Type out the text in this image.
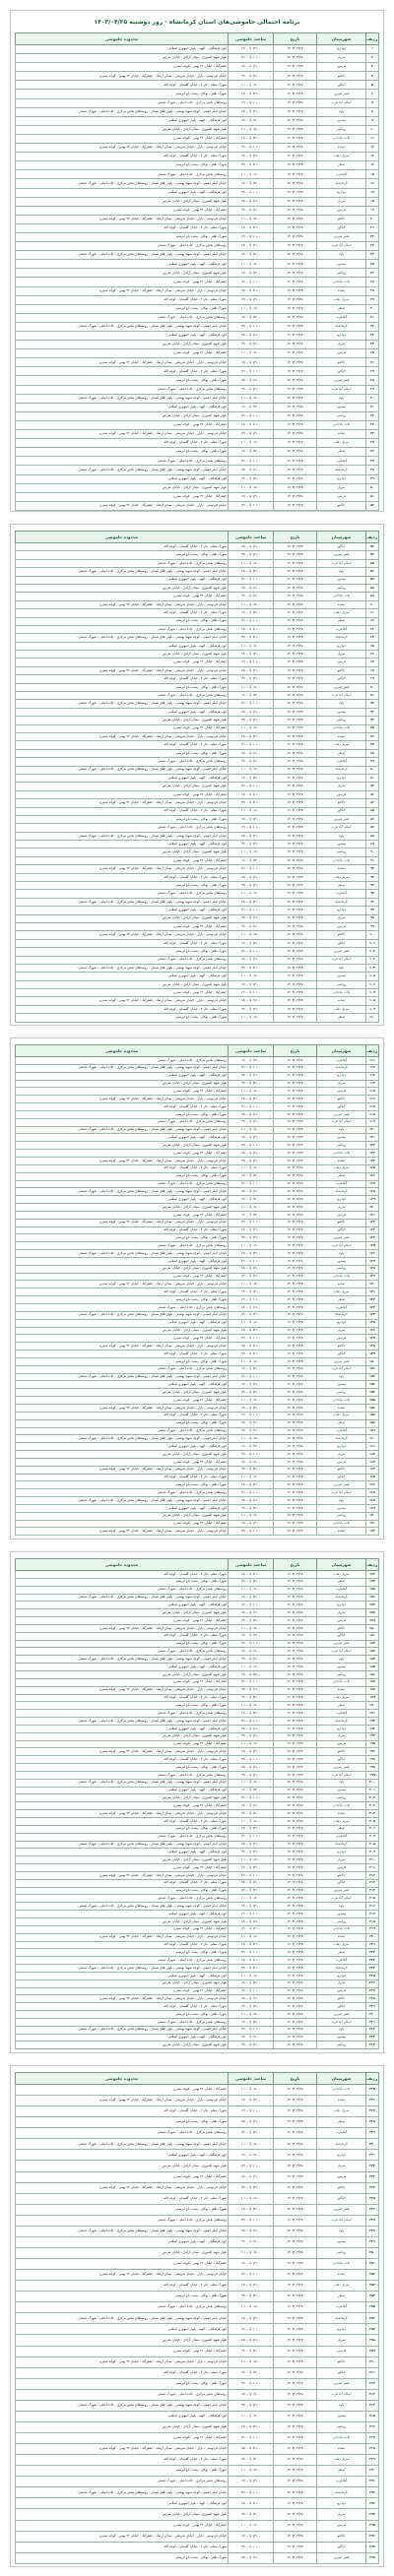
برنامه احتمالی خاموشی‌های استان کرمانشاه - روز دوشنبه ۱۴۰۳/۰۴/۲۵
ردیف	شهرستان	تاریخ	ساعت خاموشی	محدوده خاموشی
۱	جوانرود	۱۴۰۳/۰۴/۲۵	۱۴:۰۰ تا ۱۶:۰۰	کوی فرهنگیان - الهیه - بلوار جمهوری اسلامی
۲	سرپل	۱۴۰۳/۰۴/۲۵	۱۰:۰۰ تا ۱۲:۰۰	بلوار شهید کشوری - میدان آزادی - خیابان مدرس
۳	هرسین	۱۴۰۳/۰۴/۲۵	۱۶:۰۰ تا ۱۸:۰۰	جعفرآباد - خیابان ۲۲ بهمن - کوچه نسترن
۴	دالاهو	۱۴۰۳/۰۴/۲۵	۱۲:۰۰ تا ۱۴:۰۰	خیابان فردوسی - بازار - خیابان شریعتی - میدان ارشاد - جعفرآباد - خیابان ۲۲ بهمن - کوچه نسترن
۵	کنگاور	۱۴۰۳/۰۴/۲۵	۰۸:۰۰ تا ۱۰:۰۰	شهرک معلم - فاز ۲ - خیابان گلستان - کوچه لاله
۶	قصر شیرین	۱۴۰۳/۰۴/۲۵	۱۴:۰۰ تا ۱۶:۰۰	شهرک ظفر - نوکان - پشت باغ ابریشم
۷	اسلام آباد غرب	۱۴۰۳/۰۴/۲۵	۱۰:۰۰ تا ۱۲:۰۰	روستاهای بخش مرکزی - جاده اصلی - شهرک صنعتی
۸	پاوه	۱۴۰۳/۰۴/۲۵	۱۶:۰۰ تا ۱۸:۰۰	خیابان امام خمینی - کوچه شهید بهشتی - بلوار طاق بستان - روستاهای بخش مرکزی - جاده اصلی - شهرک صنعتی
۹	بیستون	۱۴۰۳/۰۴/۲۵	۱۲:۰۰ تا ۱۴:۰۰	کوی فرهنگیان - الهیه - بلوار جمهوری اسلامی
۱۰	روانسر	۱۴۰۳/۰۴/۲۵	۰۸:۰۰ تا ۱۰:۰۰	بلوار شهید کشوری - میدان آزادی - خیابان مدرس
۱۱	ثلاث باباجانی	۱۴۰۳/۰۴/۲۵	۱۴:۰۰ تا ۱۶:۰۰	جعفرآباد - خیابان ۲۲ بهمن - کوچه نسترن
۱۲	صحنه	۱۴۰۳/۰۴/۲۵	۱۰:۰۰ تا ۱۲:۰۰	خیابان فردوسی - بازار - خیابان شریعتی - میدان ارشاد - جعفرآباد - خیابان ۲۲ بهمن - کوچه نسترن
۱۳	سرپل ذهاب	۱۴۰۳/۰۴/۲۵	۱۶:۰۰ تا ۱۸:۰۰	شهرک معلم - فاز ۲ - خیابان گلستان - کوچه لاله
۱۴	سنقر	۱۴۰۳/۰۴/۲۵	۱۲:۰۰ تا ۱۴:۰۰	شهرک ظفر - نوکان - پشت باغ ابریشم
۱۵	گیلانغرب	۱۴۰۳/۰۴/۲۵	۰۸:۰۰ تا ۱۰:۰۰	روستاهای بخش مرکزی - جاده اصلی - شهرک صنعتی
۱۶	کرمانشاه	۱۴۰۳/۰۴/۲۵	۱۴:۰۰ تا ۱۶:۰۰	خیابان امام خمینی - کوچه شهید بهشتی - بلوار طاق بستان - روستاهای بخش مرکزی - جاده اصلی - شهرک صنعتی
۱۷	جوانرود	۱۴۰۳/۰۴/۲۵	۱۰:۰۰ تا ۱۲:۰۰	کوی فرهنگیان - الهیه - بلوار جمهوری اسلامی
۱۸	سرپل	۱۴۰۳/۰۴/۲۵	۱۶:۰۰ تا ۱۸:۰۰	بلوار شهید کشوری - میدان آزادی - خیابان مدرس
۱۹	هرسین	۱۴۰۳/۰۴/۲۵	۱۲:۰۰ تا ۱۴:۰۰	جعفرآباد - خیابان ۲۲ بهمن - کوچه نسترن
۲۰	دالاهو	۱۴۰۳/۰۴/۲۵	۰۸:۰۰ تا ۱۰:۰۰	خیابان فردوسی - بازار - خیابان شریعتی - میدان ارشاد - جعفرآباد - خیابان ۲۲ بهمن - کوچه نسترن
۲۱	کنگاور	۱۴۰۳/۰۴/۲۵	۱۴:۰۰ تا ۱۶:۰۰	شهرک معلم - فاز ۲ - خیابان گلستان - کوچه لاله
۲۲	قصر شیرین	۱۴۰۳/۰۴/۲۵	۱۰:۰۰ تا ۱۲:۰۰	شهرک ظفر - نوکان - پشت باغ ابریشم
۲۳	اسلام آباد غرب	۱۴۰۳/۰۴/۲۵	۱۶:۰۰ تا ۱۸:۰۰	روستاهای بخش مرکزی - جاده اصلی - شهرک صنعتی
۲۴	پاوه	۱۴۰۳/۰۴/۲۵	۱۲:۰۰ تا ۱۴:۰۰	خیابان امام خمینی - کوچه شهید بهشتی - بلوار طاق بستان - روستاهای بخش مرکزی - جاده اصلی - شهرک صنعتی
۲۵	بیستون	۱۴۰۳/۰۴/۲۵	۰۸:۰۰ تا ۱۰:۰۰	کوی فرهنگیان - الهیه - بلوار جمهوری اسلامی
۲۶	روانسر	۱۴۰۳/۰۴/۲۵	۱۴:۰۰ تا ۱۶:۰۰	بلوار شهید کشوری - میدان آزادی - خیابان مدرس
۲۷	ثلاث باباجانی	۱۴۰۳/۰۴/۲۵	۱۰:۰۰ تا ۱۲:۰۰	جعفرآباد - خیابان ۲۲ بهمن - کوچه نسترن
۲۸	صحنه	۱۴۰۳/۰۴/۲۵	۱۶:۰۰ تا ۱۸:۰۰	خیابان فردوسی - بازار - خیابان شریعتی - میدان ارشاد - جعفرآباد - خیابان ۲۲ بهمن - کوچه نسترن
۲۹	سرپل ذهاب	۱۴۰۳/۰۴/۲۵	۱۲:۰۰ تا ۱۴:۰۰	شهرک معلم - فاز ۲ - خیابان گلستان - کوچه لاله
۳۰	سنقر	۱۴۰۳/۰۴/۲۵	۰۸:۰۰ تا ۱۰:۰۰	شهرک ظفر - نوکان - پشت باغ ابریشم
۳۱	گیلانغرب	۱۴۰۳/۰۴/۲۵	۱۴:۰۰ تا ۱۶:۰۰	روستاهای بخش مرکزی - جاده اصلی - شهرک صنعتی
۳۲	کرمانشاه	۱۴۰۳/۰۴/۲۵	۱۰:۰۰ تا ۱۲:۰۰	خیابان امام خمینی - کوچه شهید بهشتی - بلوار طاق بستان - روستاهای بخش مرکزی - جاده اصلی - شهرک صنعتی
۳۳	جوانرود	۱۴۰۳/۰۴/۲۵	۱۶:۰۰ تا ۱۸:۰۰	کوی فرهنگیان - الهیه - بلوار جمهوری اسلامی
۳۴	سرپل	۱۴۰۳/۰۴/۲۵	۱۲:۰۰ تا ۱۴:۰۰	بلوار شهید کشوری - میدان آزادی - خیابان مدرس
۳۵	هرسین	۱۴۰۳/۰۴/۲۵	۰۸:۰۰ تا ۱۰:۰۰	جعفرآباد - خیابان ۲۲ بهمن - کوچه نسترن
۳۶	دالاهو	۱۴۰۳/۰۴/۲۵	۱۴:۰۰ تا ۱۶:۰۰	خیابان فردوسی - بازار - خیابان شریعتی - میدان ارشاد - جعفرآباد - خیابان ۲۲ بهمن - کوچه نسترن
۳۷	کنگاور	۱۴۰۳/۰۴/۲۵	۱۰:۰۰ تا ۱۲:۰۰	شهرک معلم - فاز ۲ - خیابان گلستان - کوچه لاله
۳۸	قصر شیرین	۱۴۰۳/۰۴/۲۵	۱۶:۰۰ تا ۱۸:۰۰	شهرک ظفر - نوکان - پشت باغ ابریشم
۳۹	اسلام آباد غرب	۱۴۰۳/۰۴/۲۵	۱۲:۰۰ تا ۱۴:۰۰	روستاهای بخش مرکزی - جاده اصلی - شهرک صنعتی
۴۰	پاوه	۱۴۰۳/۰۴/۲۵	۰۸:۰۰ تا ۱۰:۰۰	خیابان امام خمینی - کوچه شهید بهشتی - بلوار طاق بستان - روستاهای بخش مرکزی - جاده اصلی - شهرک صنعتی
۴۱	بیستون	۱۴۰۳/۰۴/۲۵	۱۴:۰۰ تا ۱۶:۰۰	کوی فرهنگیان - الهیه - بلوار جمهوری اسلامی
۴۲	روانسر	۱۴۰۳/۰۴/۲۵	۱۰:۰۰ تا ۱۲:۰۰	بلوار شهید کشوری - میدان آزادی - خیابان مدرس
۴۳	ثلاث باباجانی	۱۴۰۳/۰۴/۲۵	۱۶:۰۰ تا ۱۸:۰۰	جعفرآباد - خیابان ۲۲ بهمن - کوچه نسترن
۴۴	صحنه	۱۴۰۳/۰۴/۲۵	۱۲:۰۰ تا ۱۴:۰۰	خیابان فردوسی - بازار - خیابان شریعتی - میدان ارشاد - جعفرآباد - خیابان ۲۲ بهمن - کوچه نسترن
۴۵	سرپل ذهاب	۱۴۰۳/۰۴/۲۵	۰۸:۰۰ تا ۱۰:۰۰	شهرک معلم - فاز ۲ - خیابان گلستان - کوچه لاله
۴۶	سنقر	۱۴۰۳/۰۴/۲۵	۱۴:۰۰ تا ۱۶:۰۰	شهرک ظفر - نوکان - پشت باغ ابریشم
۴۷	گیلانغرب	۱۴۰۳/۰۴/۲۵	۱۰:۰۰ تا ۱۲:۰۰	روستاهای بخش مرکزی - جاده اصلی - شهرک صنعتی
۴۸	کرمانشاه	۱۴۰۳/۰۴/۲۵	۱۶:۰۰ تا ۱۸:۰۰	خیابان امام خمینی - کوچه شهید بهشتی - بلوار طاق بستان - روستاهای بخش مرکزی - جاده اصلی - شهرک صنعتی
۴۹	جوانرود	۱۴۰۳/۰۴/۲۵	۱۲:۰۰ تا ۱۴:۰۰	کوی فرهنگیان - الهیه - بلوار جمهوری اسلامی
۵۰	سرپل	۱۴۰۳/۰۴/۲۵	۰۸:۰۰ تا ۱۰:۰۰	بلوار شهید کشوری - میدان آزادی - خیابان مدرس
۵۱	هرسین	۱۴۰۳/۰۴/۲۵	۱۴:۰۰ تا ۱۶:۰۰	جعفرآباد - خیابان ۲۲ بهمن - کوچه نسترن
۵۲	دالاهو	۱۴۰۳/۰۴/۲۵	۱۰:۰۰ تا ۱۲:۰۰	خیابان فردوسی - بازار - خیابان شریعتی - میدان ارشاد - جعفرآباد - خیابان ۲۲ بهمن - کوچه نسترن
ردیف	شهرستان	تاریخ	ساعت خاموشی	محدوده خاموشی
۵۳	کنگاور	۱۴۰۳/۰۴/۲۵	۱۶:۰۰ تا ۱۸:۰۰	شهرک معلم - فاز ۲ - خیابان گلستان - کوچه لاله
۵۴	قصر شیرین	۱۴۰۳/۰۴/۲۵	۱۲:۰۰ تا ۱۴:۰۰	شهرک ظفر - نوکان - پشت باغ ابریشم
۵۵	اسلام آباد غرب	۱۴۰۳/۰۴/۲۵	۰۸:۰۰ تا ۱۰:۰۰	روستاهای بخش مرکزی - جاده اصلی - شهرک صنعتی
۵۶	پاوه	۱۴۰۳/۰۴/۲۵	۱۴:۰۰ تا ۱۶:۰۰	خیابان امام خمینی - کوچه شهید بهشتی - بلوار طاق بستان - روستاهای بخش مرکزی - جاده اصلی - شهرک صنعتی
۵۷	بیستون	۱۴۰۳/۰۴/۲۵	۱۰:۰۰ تا ۱۲:۰۰	کوی فرهنگیان - الهیه - بلوار جمهوری اسلامی
۵۸	روانسر	۱۴۰۳/۰۴/۲۵	۱۶:۰۰ تا ۱۸:۰۰	بلوار شهید کشوری - میدان آزادی - خیابان مدرس
۵۹	ثلاث باباجانی	۱۴۰۳/۰۴/۲۵	۱۲:۰۰ تا ۱۴:۰۰	جعفرآباد - خیابان ۲۲ بهمن - کوچه نسترن
۶۰	صحنه	۱۴۰۳/۰۴/۲۵	۰۸:۰۰ تا ۱۰:۰۰	خیابان فردوسی - بازار - خیابان شریعتی - میدان ارشاد - جعفرآباد - خیابان ۲۲ بهمن - کوچه نسترن
۶۱	سرپل ذهاب	۱۴۰۳/۰۴/۲۵	۱۴:۰۰ تا ۱۶:۰۰	شهرک معلم - فاز ۲ - خیابان گلستان - کوچه لاله
۶۲	سنقر	۱۴۰۳/۰۴/۲۵	۱۰:۰۰ تا ۱۲:۰۰	شهرک ظفر - نوکان - پشت باغ ابریشم
۶۳	گیلانغرب	۱۴۰۳/۰۴/۲۵	۱۶:۰۰ تا ۱۸:۰۰	روستاهای بخش مرکزی - جاده اصلی - شهرک صنعتی
۶۴	کرمانشاه	۱۴۰۳/۰۴/۲۵	۱۲:۰۰ تا ۱۴:۰۰	خیابان امام خمینی - کوچه شهید بهشتی - بلوار طاق بستان - روستاهای بخش مرکزی - جاده اصلی - شهرک صنعتی
۶۵	جوانرود	۱۴۰۳/۰۴/۲۵	۰۸:۰۰ تا ۱۰:۰۰	کوی فرهنگیان - الهیه - بلوار جمهوری اسلامی
۶۶	سرپل	۱۴۰۳/۰۴/۲۵	۱۴:۰۰ تا ۱۶:۰۰	بلوار شهید کشوری - میدان آزادی - خیابان مدرس
۶۷	هرسین	۱۴۰۳/۰۴/۲۵	۱۰:۰۰ تا ۱۲:۰۰	جعفرآباد - خیابان ۲۲ بهمن - کوچه نسترن
۶۸	دالاهو	۱۴۰۳/۰۴/۲۵	۱۶:۰۰ تا ۱۸:۰۰	خیابان فردوسی - بازار - خیابان شریعتی - میدان ارشاد - جعفرآباد - خیابان ۲۲ بهمن - کوچه نسترن
۶۹	کنگاور	۱۴۰۳/۰۴/۲۵	۱۲:۰۰ تا ۱۴:۰۰	شهرک معلم - فاز ۲ - خیابان گلستان - کوچه لاله
۷۰	قصر شیرین	۱۴۰۳/۰۴/۲۵	۰۸:۰۰ تا ۱۰:۰۰	شهرک ظفر - نوکان - پشت باغ ابریشم
۷۱	اسلام آباد غرب	۱۴۰۳/۰۴/۲۵	۱۴:۰۰ تا ۱۶:۰۰	روستاهای بخش مرکزی - جاده اصلی - شهرک صنعتی
۷۲	پاوه	۱۴۰۳/۰۴/۲۵	۱۰:۰۰ تا ۱۲:۰۰	خیابان امام خمینی - کوچه شهید بهشتی - بلوار طاق بستان - روستاهای بخش مرکزی - جاده اصلی - شهرک صنعتی
۷۳	بیستون	۱۴۰۳/۰۴/۲۵	۱۶:۰۰ تا ۱۸:۰۰	کوی فرهنگیان - الهیه - بلوار جمهوری اسلامی
۷۴	روانسر	۱۴۰۳/۰۴/۲۵	۱۲:۰۰ تا ۱۴:۰۰	بلوار شهید کشوری - میدان آزادی - خیابان مدرس
۷۵	ثلاث باباجانی	۱۴۰۳/۰۴/۲۵	۰۸:۰۰ تا ۱۰:۰۰	جعفرآباد - خیابان ۲۲ بهمن - کوچه نسترن
۷۶	صحنه	۱۴۰۳/۰۴/۲۵	۱۴:۰۰ تا ۱۶:۰۰	خیابان فردوسی - بازار - خیابان شریعتی - میدان ارشاد - جعفرآباد - خیابان ۲۲ بهمن - کوچه نسترن
۷۷	سرپل ذهاب	۱۴۰۳/۰۴/۲۵	۱۰:۰۰ تا ۱۲:۰۰	شهرک معلم - فاز ۲ - خیابان گلستان - کوچه لاله
۷۸	سنقر	۱۴۰۳/۰۴/۲۵	۱۶:۰۰ تا ۱۸:۰۰	شهرک ظفر - نوکان - پشت باغ ابریشم
۷۹	گیلانغرب	۱۴۰۳/۰۴/۲۵	۱۲:۰۰ تا ۱۴:۰۰	روستاهای بخش مرکزی - جاده اصلی - شهرک صنعتی
۸۰	کرمانشاه	۱۴۰۳/۰۴/۲۵	۰۸:۰۰ تا ۱۰:۰۰	خیابان امام خمینی - کوچه شهید بهشتی - بلوار طاق بستان - روستاهای بخش مرکزی - جاده اصلی - شهرک صنعتی
۸۱	جوانرود	۱۴۰۳/۰۴/۲۵	۱۴:۰۰ تا ۱۶:۰۰	کوی فرهنگیان - الهیه - بلوار جمهوری اسلامی
۸۲	سرپل	۱۴۰۳/۰۴/۲۵	۱۰:۰۰ تا ۱۲:۰۰	بلوار شهید کشوری - میدان آزادی - خیابان مدرس
۸۳	هرسین	۱۴۰۳/۰۴/۲۵	۱۶:۰۰ تا ۱۸:۰۰	جعفرآباد - خیابان ۲۲ بهمن - کوچه نسترن
۸۴	دالاهو	۱۴۰۳/۰۴/۲۵	۱۲:۰۰ تا ۱۴:۰۰	خیابان فردوسی - بازار - خیابان شریعتی - میدان ارشاد - جعفرآباد - خیابان ۲۲ بهمن - کوچه نسترن
۸۵	کنگاور	۱۴۰۳/۰۴/۲۵	۰۸:۰۰ تا ۱۰:۰۰	شهرک معلم - فاز ۲ - خیابان گلستان - کوچه لاله
۸۶	قصر شیرین	۱۴۰۳/۰۴/۲۵	۱۴:۰۰ تا ۱۶:۰۰	شهرک ظفر - نوکان - پشت باغ ابریشم
۸۷	اسلام آباد غرب	۱۴۰۳/۰۴/۲۵	۱۰:۰۰ تا ۱۲:۰۰	روستاهای بخش مرکزی - جاده اصلی - شهرک صنعتی
۸۸	پاوه	۱۴۰۳/۰۴/۲۵	۱۶:۰۰ تا ۱۸:۰۰	خیابان امام خمینی - کوچه شهید بهشتی - بلوار طاق بستان - روستاهای بخش مرکزی - جاده اصلی - شهرک صنعتی
۸۹	بیستون	۱۴۰۳/۰۴/۲۵	۱۲:۰۰ تا ۱۴:۰۰	کوی فرهنگیان - الهیه - بلوار جمهوری اسلامی
۹۰	روانسر	۱۴۰۳/۰۴/۲۵	۰۸:۰۰ تا ۱۰:۰۰	بلوار شهید کشوری - میدان آزادی - خیابان مدرس
۹۱	ثلاث باباجانی	۱۴۰۳/۰۴/۲۵	۱۴:۰۰ تا ۱۶:۰۰	جعفرآباد - خیابان ۲۲ بهمن - کوچه نسترن
۹۲	صحنه	۱۴۰۳/۰۴/۲۵	۱۰:۰۰ تا ۱۲:۰۰	خیابان فردوسی - بازار - خیابان شریعتی - میدان ارشاد - جعفرآباد - خیابان ۲۲ بهمن - کوچه نسترن
۹۳	سرپل ذهاب	۱۴۰۳/۰۴/۲۵	۱۶:۰۰ تا ۱۸:۰۰	شهرک معلم - فاز ۲ - خیابان گلستان - کوچه لاله
۹۴	سنقر	۱۴۰۳/۰۴/۲۵	۱۲:۰۰ تا ۱۴:۰۰	شهرک ظفر - نوکان - پشت باغ ابریشم
۹۵	گیلانغرب	۱۴۰۳/۰۴/۲۵	۰۸:۰۰ تا ۱۰:۰۰	روستاهای بخش مرکزی - جاده اصلی - شهرک صنعتی
۹۶	کرمانشاه	۱۴۰۳/۰۴/۲۵	۱۴:۰۰ تا ۱۶:۰۰	خیابان امام خمینی - کوچه شهید بهشتی - بلوار طاق بستان - روستاهای بخش مرکزی - جاده اصلی - شهرک صنعتی
۹۷	جوانرود	۱۴۰۳/۰۴/۲۵	۱۰:۰۰ تا ۱۲:۰۰	کوی فرهنگیان - الهیه - بلوار جمهوری اسلامی
۹۸	سرپل	۱۴۰۳/۰۴/۲۵	۱۶:۰۰ تا ۱۸:۰۰	بلوار شهید کشوری - میدان آزادی - خیابان مدرس
۹۹	هرسین	۱۴۰۳/۰۴/۲۵	۱۲:۰۰ تا ۱۴:۰۰	جعفرآباد - خیابان ۲۲ بهمن - کوچه نسترن
۱۰۰	دالاهو	۱۴۰۳/۰۴/۲۵	۰۸:۰۰ تا ۱۰:۰۰	خیابان فردوسی - بازار - خیابان شریعتی - میدان ارشاد - جعفرآباد - خیابان ۲۲ بهمن - کوچه نسترن
۱۰۱	کنگاور	۱۴۰۳/۰۴/۲۵	۱۴:۰۰ تا ۱۶:۰۰	شهرک معلم - فاز ۲ - خیابان گلستان - کوچه لاله
۱۰۲	قصر شیرین	۱۴۰۳/۰۴/۲۵	۱۰:۰۰ تا ۱۲:۰۰	شهرک ظفر - نوکان - پشت باغ ابریشم
۱۰۳	اسلام آباد غرب	۱۴۰۳/۰۴/۲۵	۱۶:۰۰ تا ۱۸:۰۰	روستاهای بخش مرکزی - جاده اصلی - شهرک صنعتی
۱۰۴	پاوه	۱۴۰۳/۰۴/۲۵	۱۲:۰۰ تا ۱۴:۰۰	خیابان امام خمینی - کوچه شهید بهشتی - بلوار طاق بستان - روستاهای بخش مرکزی - جاده اصلی - شهرک صنعتی
۱۰۵	بیستون	۱۴۰۳/۰۴/۲۵	۰۸:۰۰ تا ۱۰:۰۰	کوی فرهنگیان - الهیه - بلوار جمهوری اسلامی
۱۰۶	روانسر	۱۴۰۳/۰۴/۲۵	۱۴:۰۰ تا ۱۶:۰۰	بلوار شهید کشوری - میدان آزادی - خیابان مدرس
۱۰۷	ثلاث باباجانی	۱۴۰۳/۰۴/۲۵	۱۰:۰۰ تا ۱۲:۰۰	جعفرآباد - خیابان ۲۲ بهمن - کوچه نسترن
۱۰۸	صحنه	۱۴۰۳/۰۴/۲۵	۱۶:۰۰ تا ۱۸:۰۰	خیابان فردوسی - بازار - خیابان شریعتی - میدان ارشاد - جعفرآباد - خیابان ۲۲ بهمن - کوچه نسترن
۱۰۹	سرپل ذهاب	۱۴۰۳/۰۴/۲۵	۱۲:۰۰ تا ۱۴:۰۰	شهرک معلم - فاز ۲ - خیابان گلستان - کوچه لاله
۱۱۰	سنقر	۱۴۰۳/۰۴/۲۵	۰۸:۰۰ تا ۱۰:۰۰	شهرک ظفر - نوکان - پشت باغ ابریشم
ردیف	شهرستان	تاریخ	ساعت خاموشی	محدوده خاموشی
۱۱۱	گیلانغرب	۱۴۰۳/۰۴/۲۵	۱۴:۰۰ تا ۱۶:۰۰	روستاهای بخش مرکزی - جاده اصلی - شهرک صنعتی
۱۱۲	کرمانشاه	۱۴۰۳/۰۴/۲۵	۱۰:۰۰ تا ۱۲:۰۰	خیابان امام خمینی - کوچه شهید بهشتی - بلوار طاق بستان - روستاهای بخش مرکزی - جاده اصلی - شهرک صنعتی
۱۱۳	جوانرود	۱۴۰۳/۰۴/۲۵	۱۶:۰۰ تا ۱۸:۰۰	کوی فرهنگیان - الهیه - بلوار جمهوری اسلامی
۱۱۴	سرپل	۱۴۰۳/۰۴/۲۵	۱۲:۰۰ تا ۱۴:۰۰	بلوار شهید کشوری - میدان آزادی - خیابان مدرس
۱۱۵	هرسین	۱۴۰۳/۰۴/۲۵	۰۸:۰۰ تا ۱۰:۰۰	جعفرآباد - خیابان ۲۲ بهمن - کوچه نسترن
۱۱۶	دالاهو	۱۴۰۳/۰۴/۲۵	۱۴:۰۰ تا ۱۶:۰۰	خیابان فردوسی - بازار - خیابان شریعتی - میدان ارشاد - جعفرآباد - خیابان ۲۲ بهمن - کوچه نسترن
۱۱۷	کنگاور	۱۴۰۳/۰۴/۲۵	۱۰:۰۰ تا ۱۲:۰۰	شهرک معلم - فاز ۲ - خیابان گلستان - کوچه لاله
۱۱۸	قصر شیرین	۱۴۰۳/۰۴/۲۵	۱۶:۰۰ تا ۱۸:۰۰	شهرک ظفر - نوکان - پشت باغ ابریشم
۱۱۹	اسلام آباد غرب	۱۴۰۳/۰۴/۲۵	۱۲:۰۰ تا ۱۴:۰۰	روستاهای بخش مرکزی - جاده اصلی - شهرک صنعتی
۱۲۰	پاوه	۱۴۰۳/۰۴/۲۵	۰۸:۰۰ تا ۱۰:۰۰	خیابان امام خمینی - کوچه شهید بهشتی - بلوار طاق بستان - روستاهای بخش مرکزی - جاده اصلی - شهرک صنعتی
۱۲۱	بیستون	۱۴۰۳/۰۴/۲۵	۱۴:۰۰ تا ۱۶:۰۰	کوی فرهنگیان - الهیه - بلوار جمهوری اسلامی
۱۲۲	روانسر	۱۴۰۳/۰۴/۲۵	۱۰:۰۰ تا ۱۲:۰۰	بلوار شهید کشوری - میدان آزادی - خیابان مدرس
۱۲۳	ثلاث باباجانی	۱۴۰۳/۰۴/۲۵	۱۶:۰۰ تا ۱۸:۰۰	جعفرآباد - خیابان ۲۲ بهمن - کوچه نسترن
۱۲۴	صحنه	۱۴۰۳/۰۴/۲۵	۱۲:۰۰ تا ۱۴:۰۰	خیابان فردوسی - بازار - خیابان شریعتی - میدان ارشاد - جعفرآباد - خیابان ۲۲ بهمن - کوچه نسترن
۱۲۵	سرپل ذهاب	۱۴۰۳/۰۴/۲۵	۰۸:۰۰ تا ۱۰:۰۰	شهرک معلم - فاز ۲ - خیابان گلستان - کوچه لاله
۱۲۶	سنقر	۱۴۰۳/۰۴/۲۵	۱۴:۰۰ تا ۱۶:۰۰	شهرک ظفر - نوکان - پشت باغ ابریشم
۱۲۷	گیلانغرب	۱۴۰۳/۰۴/۲۵	۱۰:۰۰ تا ۱۲:۰۰	روستاهای بخش مرکزی - جاده اصلی - شهرک صنعتی
۱۲۸	کرمانشاه	۱۴۰۳/۰۴/۲۵	۱۶:۰۰ تا ۱۸:۰۰	خیابان امام خمینی - کوچه شهید بهشتی - بلوار طاق بستان - روستاهای بخش مرکزی - جاده اصلی - شهرک صنعتی
۱۲۹	جوانرود	۱۴۰۳/۰۴/۲۵	۱۲:۰۰ تا ۱۴:۰۰	کوی فرهنگیان - الهیه - بلوار جمهوری اسلامی
۱۳۰	سرپل	۱۴۰۳/۰۴/۲۵	۰۸:۰۰ تا ۱۰:۰۰	بلوار شهید کشوری - میدان آزادی - خیابان مدرس
۱۳۱	هرسین	۱۴۰۳/۰۴/۲۵	۱۴:۰۰ تا ۱۶:۰۰	جعفرآباد - خیابان ۲۲ بهمن - کوچه نسترن
۱۳۲	دالاهو	۱۴۰۳/۰۴/۲۵	۱۰:۰۰ تا ۱۲:۰۰	خیابان فردوسی - بازار - خیابان شریعتی - میدان ارشاد - جعفرآباد - خیابان ۲۲ بهمن - کوچه نسترن
۱۳۳	کنگاور	۱۴۰۳/۰۴/۲۵	۱۶:۰۰ تا ۱۸:۰۰	شهرک معلم - فاز ۲ - خیابان گلستان - کوچه لاله
۱۳۴	قصر شیرین	۱۴۰۳/۰۴/۲۵	۱۲:۰۰ تا ۱۴:۰۰	شهرک ظفر - نوکان - پشت باغ ابریشم
۱۳۵	اسلام آباد غرب	۱۴۰۳/۰۴/۲۵	۰۸:۰۰ تا ۱۰:۰۰	روستاهای بخش مرکزی - جاده اصلی - شهرک صنعتی
۱۳۶	پاوه	۱۴۰۳/۰۴/۲۵	۱۴:۰۰ تا ۱۶:۰۰	خیابان امام خمینی - کوچه شهید بهشتی - بلوار طاق بستان - روستاهای بخش مرکزی - جاده اصلی - شهرک صنعتی
۱۳۷	بیستون	۱۴۰۳/۰۴/۲۵	۱۰:۰۰ تا ۱۲:۰۰	کوی فرهنگیان - الهیه - بلوار جمهوری اسلامی
۱۳۸	روانسر	۱۴۰۳/۰۴/۲۵	۱۶:۰۰ تا ۱۸:۰۰	بلوار شهید کشوری - میدان آزادی - خیابان مدرس
۱۳۹	ثلاث باباجانی	۱۴۰۳/۰۴/۲۵	۱۲:۰۰ تا ۱۴:۰۰	جعفرآباد - خیابان ۲۲ بهمن - کوچه نسترن
۱۴۰	صحنه	۱۴۰۳/۰۴/۲۵	۰۸:۰۰ تا ۱۰:۰۰	خیابان فردوسی - بازار - خیابان شریعتی - میدان ارشاد - جعفرآباد - خیابان ۲۲ بهمن - کوچه نسترن
۱۴۱	سرپل ذهاب	۱۴۰۳/۰۴/۲۵	۱۴:۰۰ تا ۱۶:۰۰	شهرک معلم - فاز ۲ - خیابان گلستان - کوچه لاله
۱۴۲	سنقر	۱۴۰۳/۰۴/۲۵	۱۰:۰۰ تا ۱۲:۰۰	شهرک ظفر - نوکان - پشت باغ ابریشم
۱۴۳	گیلانغرب	۱۴۰۳/۰۴/۲۵	۱۶:۰۰ تا ۱۸:۰۰	روستاهای بخش مرکزی - جاده اصلی - شهرک صنعتی
۱۴۴	کرمانشاه	۱۴۰۳/۰۴/۲۵	۱۲:۰۰ تا ۱۴:۰۰	خیابان امام خمینی - کوچه شهید بهشتی - بلوار طاق بستان - روستاهای بخش مرکزی - جاده اصلی - شهرک صنعتی
۱۴۵	جوانرود	۱۴۰۳/۰۴/۲۵	۰۸:۰۰ تا ۱۰:۰۰	کوی فرهنگیان - الهیه - بلوار جمهوری اسلامی
۱۴۶	سرپل	۱۴۰۳/۰۴/۲۵	۱۴:۰۰ تا ۱۶:۰۰	بلوار شهید کشوری - میدان آزادی - خیابان مدرس
۱۴۷	هرسین	۱۴۰۳/۰۴/۲۵	۱۰:۰۰ تا ۱۲:۰۰	جعفرآباد - خیابان ۲۲ بهمن - کوچه نسترن
۱۴۸	دالاهو	۱۴۰۳/۰۴/۲۵	۱۶:۰۰ تا ۱۸:۰۰	خیابان فردوسی - بازار - خیابان شریعتی - میدان ارشاد - جعفرآباد - خیابان ۲۲ بهمن - کوچه نسترن
۱۴۹	کنگاور	۱۴۰۳/۰۴/۲۵	۱۲:۰۰ تا ۱۴:۰۰	شهرک معلم - فاز ۲ - خیابان گلستان - کوچه لاله
۱۵۰	قصر شیرین	۱۴۰۳/۰۴/۲۵	۰۸:۰۰ تا ۱۰:۰۰	شهرک ظفر - نوکان - پشت باغ ابریشم
۱۵۱	اسلام آباد غرب	۱۴۰۳/۰۴/۲۵	۱۴:۰۰ تا ۱۶:۰۰	روستاهای بخش مرکزی - جاده اصلی - شهرک صنعتی
۱۵۲	پاوه	۱۴۰۳/۰۴/۲۵	۱۰:۰۰ تا ۱۲:۰۰	خیابان امام خمینی - کوچه شهید بهشتی - بلوار طاق بستان - روستاهای بخش مرکزی - جاده اصلی - شهرک صنعتی
۱۵۳	بیستون	۱۴۰۳/۰۴/۲۵	۱۶:۰۰ تا ۱۸:۰۰	کوی فرهنگیان - الهیه - بلوار جمهوری اسلامی
۱۵۴	روانسر	۱۴۰۳/۰۴/۲۵	۱۲:۰۰ تا ۱۴:۰۰	بلوار شهید کشوری - میدان آزادی - خیابان مدرس
۱۵۵	ثلاث باباجانی	۱۴۰۳/۰۴/۲۵	۰۸:۰۰ تا ۱۰:۰۰	جعفرآباد - خیابان ۲۲ بهمن - کوچه نسترن
۱۵۶	صحنه	۱۴۰۳/۰۴/۲۵	۱۴:۰۰ تا ۱۶:۰۰	خیابان فردوسی - بازار - خیابان شریعتی - میدان ارشاد - جعفرآباد - خیابان ۲۲ بهمن - کوچه نسترن
۱۵۷	سرپل ذهاب	۱۴۰۳/۰۴/۲۵	۱۰:۰۰ تا ۱۲:۰۰	شهرک معلم - فاز ۲ - خیابان گلستان - کوچه لاله
۱۵۸	سنقر	۱۴۰۳/۰۴/۲۵	۱۶:۰۰ تا ۱۸:۰۰	شهرک ظفر - نوکان - پشت باغ ابریشم
۱۵۹	گیلانغرب	۱۴۰۳/۰۴/۲۵	۱۲:۰۰ تا ۱۴:۰۰	روستاهای بخش مرکزی - جاده اصلی - شهرک صنعتی
۱۶۰	کرمانشاه	۱۴۰۳/۰۴/۲۵	۰۸:۰۰ تا ۱۰:۰۰	خیابان امام خمینی - کوچه شهید بهشتی - بلوار طاق بستان - روستاهای بخش مرکزی - جاده اصلی - شهرک صنعتی
۱۶۱	جوانرود	۱۴۰۳/۰۴/۲۵	۱۴:۰۰ تا ۱۶:۰۰	کوی فرهنگیان - الهیه - بلوار جمهوری اسلامی
۱۶۲	سرپل	۱۴۰۳/۰۴/۲۵	۱۰:۰۰ تا ۱۲:۰۰	بلوار شهید کشوری - میدان آزادی - خیابان مدرس
۱۶۳	هرسین	۱۴۰۳/۰۴/۲۵	۱۶:۰۰ تا ۱۸:۰۰	جعفرآباد - خیابان ۲۲ بهمن - کوچه نسترن
۱۶۴	دالاهو	۱۴۰۳/۰۴/۲۵	۱۲:۰۰ تا ۱۴:۰۰	خیابان فردوسی - بازار - خیابان شریعتی - میدان ارشاد - جعفرآباد - خیابان ۲۲ بهمن - کوچه نسترن
۱۶۵	کنگاور	۱۴۰۳/۰۴/۲۵	۰۸:۰۰ تا ۱۰:۰۰	شهرک معلم - فاز ۲ - خیابان گلستان - کوچه لاله
۱۶۶	قصر شیرین	۱۴۰۳/۰۴/۲۵	۱۴:۰۰ تا ۱۶:۰۰	شهرک ظفر - نوکان - پشت باغ ابریشم
۱۶۷	اسلام آباد غرب	۱۴۰۳/۰۴/۲۵	۱۰:۰۰ تا ۱۲:۰۰	روستاهای بخش مرکزی - جاده اصلی - شهرک صنعتی
۱۶۸	پاوه	۱۴۰۳/۰۴/۲۵	۱۶:۰۰ تا ۱۸:۰۰	خیابان امام خمینی - کوچه شهید بهشتی - بلوار طاق بستان - روستاهای بخش مرکزی - جاده اصلی - شهرک صنعتی
۱۶۹	بیستون	۱۴۰۳/۰۴/۲۵	۱۲:۰۰ تا ۱۴:۰۰	کوی فرهنگیان - الهیه - بلوار جمهوری اسلامی
۱۷۰	روانسر	۱۴۰۳/۰۴/۲۵	۰۸:۰۰ تا ۱۰:۰۰	بلوار شهید کشوری - میدان آزادی - خیابان مدرس
۱۷۱	ثلاث باباجانی	۱۴۰۳/۰۴/۲۵	۱۴:۰۰ تا ۱۶:۰۰	جعفرآباد - خیابان ۲۲ بهمن - کوچه نسترن
۱۷۲	صحنه	۱۴۰۳/۰۴/۲۵	۱۰:۰۰ تا ۱۲:۰۰	خیابان فردوسی - بازار - خیابان شریعتی - میدان ارشاد - جعفرآباد - خیابان ۲۲ بهمن - کوچه نسترن
ردیف	شهرستان	تاریخ	ساعت خاموشی	محدوده خاموشی
۱۷۳	سرپل ذهاب	۱۴۰۳/۰۴/۲۵	۱۶:۰۰ تا ۱۸:۰۰	شهرک معلم - فاز ۲ - خیابان گلستان - کوچه لاله
۱۷۴	سنقر	۱۴۰۳/۰۴/۲۵	۱۲:۰۰ تا ۱۴:۰۰	شهرک ظفر - نوکان - پشت باغ ابریشم
۱۷۵	گیلانغرب	۱۴۰۳/۰۴/۲۵	۰۸:۰۰ تا ۱۰:۰۰	روستاهای بخش مرکزی - جاده اصلی - شهرک صنعتی
۱۷۶	کرمانشاه	۱۴۰۳/۰۴/۲۵	۱۴:۰۰ تا ۱۶:۰۰	خیابان امام خمینی - کوچه شهید بهشتی - بلوار طاق بستان - روستاهای بخش مرکزی - جاده اصلی - شهرک صنعتی
۱۷۷	جوانرود	۱۴۰۳/۰۴/۲۵	۱۰:۰۰ تا ۱۲:۰۰	کوی فرهنگیان - الهیه - بلوار جمهوری اسلامی
۱۷۸	سرپل	۱۴۰۳/۰۴/۲۵	۱۶:۰۰ تا ۱۸:۰۰	بلوار شهید کشوری - میدان آزادی - خیابان مدرس
۱۷۹	هرسین	۱۴۰۳/۰۴/۲۵	۱۲:۰۰ تا ۱۴:۰۰	جعفرآباد - خیابان ۲۲ بهمن - کوچه نسترن
۱۸۰	دالاهو	۱۴۰۳/۰۴/۲۵	۰۸:۰۰ تا ۱۰:۰۰	خیابان فردوسی - بازار - خیابان شریعتی - میدان ارشاد - جعفرآباد - خیابان ۲۲ بهمن - کوچه نسترن
۱۸۱	کنگاور	۱۴۰۳/۰۴/۲۵	۱۴:۰۰ تا ۱۶:۰۰	شهرک معلم - فاز ۲ - خیابان گلستان - کوچه لاله
۱۸۲	قصر شیرین	۱۴۰۳/۰۴/۲۵	۱۰:۰۰ تا ۱۲:۰۰	شهرک ظفر - نوکان - پشت باغ ابریشم
۱۸۳	اسلام آباد غرب	۱۴۰۳/۰۴/۲۵	۱۶:۰۰ تا ۱۸:۰۰	روستاهای بخش مرکزی - جاده اصلی - شهرک صنعتی
۱۸۴	پاوه	۱۴۰۳/۰۴/۲۵	۱۲:۰۰ تا ۱۴:۰۰	خیابان امام خمینی - کوچه شهید بهشتی - بلوار طاق بستان - روستاهای بخش مرکزی - جاده اصلی - شهرک صنعتی
۱۸۵	بیستون	۱۴۰۳/۰۴/۲۵	۰۸:۰۰ تا ۱۰:۰۰	کوی فرهنگیان - الهیه - بلوار جمهوری اسلامی
۱۸۶	روانسر	۱۴۰۳/۰۴/۲۵	۱۴:۰۰ تا ۱۶:۰۰	بلوار شهید کشوری - میدان آزادی - خیابان مدرس
۱۸۷	ثلاث باباجانی	۱۴۰۳/۰۴/۲۵	۱۰:۰۰ تا ۱۲:۰۰	جعفرآباد - خیابان ۲۲ بهمن - کوچه نسترن
۱۸۸	صحنه	۱۴۰۳/۰۴/۲۵	۱۶:۰۰ تا ۱۸:۰۰	خیابان فردوسی - بازار - خیابان شریعتی - میدان ارشاد - جعفرآباد - خیابان ۲۲ بهمن - کوچه نسترن
۱۸۹	سرپل ذهاب	۱۴۰۳/۰۴/۲۵	۱۲:۰۰ تا ۱۴:۰۰	شهرک معلم - فاز ۲ - خیابان گلستان - کوچه لاله
۱۹۰	سنقر	۱۴۰۳/۰۴/۲۵	۰۸:۰۰ تا ۱۰:۰۰	شهرک ظفر - نوکان - پشت باغ ابریشم
۱۹۱	گیلانغرب	۱۴۰۳/۰۴/۲۵	۱۴:۰۰ تا ۱۶:۰۰	روستاهای بخش مرکزی - جاده اصلی - شهرک صنعتی
۱۹۲	کرمانشاه	۱۴۰۳/۰۴/۲۵	۱۰:۰۰ تا ۱۲:۰۰	خیابان امام خمینی - کوچه شهید بهشتی - بلوار طاق بستان - روستاهای بخش مرکزی - جاده اصلی - شهرک صنعتی
۱۹۳	جوانرود	۱۴۰۳/۰۴/۲۵	۱۶:۰۰ تا ۱۸:۰۰	کوی فرهنگیان - الهیه - بلوار جمهوری اسلامی
۱۹۴	سرپل	۱۴۰۳/۰۴/۲۵	۱۲:۰۰ تا ۱۴:۰۰	بلوار شهید کشوری - میدان آزادی - خیابان مدرس
۱۹۵	هرسین	۱۴۰۳/۰۴/۲۵	۰۸:۰۰ تا ۱۰:۰۰	جعفرآباد - خیابان ۲۲ بهمن - کوچه نسترن
۱۹۶	دالاهو	۱۴۰۳/۰۴/۲۵	۱۴:۰۰ تا ۱۶:۰۰	خیابان فردوسی - بازار - خیابان شریعتی - میدان ارشاد - جعفرآباد - خیابان ۲۲ بهمن - کوچه نسترن
۱۹۷	کنگاور	۱۴۰۳/۰۴/۲۵	۱۰:۰۰ تا ۱۲:۰۰	شهرک معلم - فاز ۲ - خیابان گلستان - کوچه لاله
۱۹۸	قصر شیرین	۱۴۰۳/۰۴/۲۵	۱۶:۰۰ تا ۱۸:۰۰	شهرک ظفر - نوکان - پشت باغ ابریشم
۱۹۹	اسلام آباد غرب	۱۴۰۳/۰۴/۲۵	۱۲:۰۰ تا ۱۴:۰۰	روستاهای بخش مرکزی - جاده اصلی - شهرک صنعتی
۲۰۰	پاوه	۱۴۰۳/۰۴/۲۵	۰۸:۰۰ تا ۱۰:۰۰	خیابان امام خمینی - کوچه شهید بهشتی - بلوار طاق بستان - روستاهای بخش مرکزی - جاده اصلی - شهرک صنعتی
۲۰۱	بیستون	۱۴۰۳/۰۴/۲۵	۱۴:۰۰ تا ۱۶:۰۰	کوی فرهنگیان - الهیه - بلوار جمهوری اسلامی
۲۰۲	روانسر	۱۴۰۳/۰۴/۲۵	۱۰:۰۰ تا ۱۲:۰۰	بلوار شهید کشوری - میدان آزادی - خیابان مدرس
۲۰۳	ثلاث باباجانی	۱۴۰۳/۰۴/۲۵	۱۶:۰۰ تا ۱۸:۰۰	جعفرآباد - خیابان ۲۲ بهمن - کوچه نسترن
۲۰۴	صحنه	۱۴۰۳/۰۴/۲۵	۱۲:۰۰ تا ۱۴:۰۰	خیابان فردوسی - بازار - خیابان شریعتی - میدان ارشاد - جعفرآباد - خیابان ۲۲ بهمن - کوچه نسترن
۲۰۵	سرپل ذهاب	۱۴۰۳/۰۴/۲۵	۰۸:۰۰ تا ۱۰:۰۰	شهرک معلم - فاز ۲ - خیابان گلستان - کوچه لاله
۲۰۶	سنقر	۱۴۰۳/۰۴/۲۵	۱۴:۰۰ تا ۱۶:۰۰	شهرک ظفر - نوکان - پشت باغ ابریشم
۲۰۷	گیلانغرب	۱۴۰۳/۰۴/۲۵	۱۰:۰۰ تا ۱۲:۰۰	روستاهای بخش مرکزی - جاده اصلی - شهرک صنعتی
۲۰۸	کرمانشاه	۱۴۰۳/۰۴/۲۵	۱۶:۰۰ تا ۱۸:۰۰	خیابان امام خمینی - کوچه شهید بهشتی - بلوار طاق بستان - روستاهای بخش مرکزی - جاده اصلی - شهرک صنعتی
۲۰۹	جوانرود	۱۴۰۳/۰۴/۲۵	۱۲:۰۰ تا ۱۴:۰۰	کوی فرهنگیان - الهیه - بلوار جمهوری اسلامی
۲۱۰	سرپل	۱۴۰۳/۰۴/۲۵	۰۸:۰۰ تا ۱۰:۰۰	بلوار شهید کشوری - میدان آزادی - خیابان مدرس
۲۱۱	هرسین	۱۴۰۳/۰۴/۲۵	۱۴:۰۰ تا ۱۶:۰۰	جعفرآباد - خیابان ۲۲ بهمن - کوچه نسترن
۲۱۲	دالاهو	۱۴۰۳/۰۴/۲۵	۱۰:۰۰ تا ۱۲:۰۰	خیابان فردوسی - بازار - خیابان شریعتی - میدان ارشاد - جعفرآباد - خیابان ۲۲ بهمن - کوچه نسترن
۲۱۳	کنگاور	۱۴۰۳/۰۴/۲۵	۱۶:۰۰ تا ۱۸:۰۰	شهرک معلم - فاز ۲ - خیابان گلستان - کوچه لاله
۲۱۴	قصر شیرین	۱۴۰۳/۰۴/۲۵	۱۲:۰۰ تا ۱۴:۰۰	شهرک ظفر - نوکان - پشت باغ ابریشم
۲۱۵	اسلام آباد غرب	۱۴۰۳/۰۴/۲۵	۰۸:۰۰ تا ۱۰:۰۰	روستاهای بخش مرکزی - جاده اصلی - شهرک صنعتی
۲۱۶	پاوه	۱۴۰۳/۰۴/۲۵	۱۴:۰۰ تا ۱۶:۰۰	خیابان امام خمینی - کوچه شهید بهشتی - بلوار طاق بستان - روستاهای بخش مرکزی - جاده اصلی - شهرک صنعتی
۲۱۷	بیستون	۱۴۰۳/۰۴/۲۵	۱۰:۰۰ تا ۱۲:۰۰	کوی فرهنگیان - الهیه - بلوار جمهوری اسلامی
۲۱۸	روانسر	۱۴۰۳/۰۴/۲۵	۱۶:۰۰ تا ۱۸:۰۰	بلوار شهید کشوری - میدان آزادی - خیابان مدرس
۲۱۹	ثلاث باباجانی	۱۴۰۳/۰۴/۲۵	۱۲:۰۰ تا ۱۴:۰۰	جعفرآباد - خیابان ۲۲ بهمن - کوچه نسترن
۲۲۰	صحنه	۱۴۰۳/۰۴/۲۵	۰۸:۰۰ تا ۱۰:۰۰	خیابان فردوسی - بازار - خیابان شریعتی - میدان ارشاد - جعفرآباد - خیابان ۲۲ بهمن - کوچه نسترن
۲۲۱	سرپل ذهاب	۱۴۰۳/۰۴/۲۵	۱۴:۰۰ تا ۱۶:۰۰	شهرک معلم - فاز ۲ - خیابان گلستان - کوچه لاله
۲۲۲	سنقر	۱۴۰۳/۰۴/۲۵	۱۰:۰۰ تا ۱۲:۰۰	شهرک ظفر - نوکان - پشت باغ ابریشم
۲۲۳	گیلانغرب	۱۴۰۳/۰۴/۲۵	۱۶:۰۰ تا ۱۸:۰۰	روستاهای بخش مرکزی - جاده اصلی - شهرک صنعتی
۲۲۴	کرمانشاه	۱۴۰۳/۰۴/۲۵	۱۲:۰۰ تا ۱۴:۰۰	خیابان امام خمینی - کوچه شهید بهشتی - بلوار طاق بستان - روستاهای بخش مرکزی - جاده اصلی - شهرک صنعتی
۲۲۵	جوانرود	۱۴۰۳/۰۴/۲۵	۰۸:۰۰ تا ۱۰:۰۰	کوی فرهنگیان - الهیه - بلوار جمهوری اسلامی
۲۲۶	سرپل	۱۴۰۳/۰۴/۲۵	۱۴:۰۰ تا ۱۶:۰۰	بلوار شهید کشوری - میدان آزادی - خیابان مدرس
۲۲۷	هرسین	۱۴۰۳/۰۴/۲۵	۱۰:۰۰ تا ۱۲:۰۰	جعفرآباد - خیابان ۲۲ بهمن - کوچه نسترن
۲۲۸	دالاهو	۱۴۰۳/۰۴/۲۵	۱۶:۰۰ تا ۱۸:۰۰	خیابان فردوسی - بازار - خیابان شریعتی - میدان ارشاد - جعفرآباد - خیابان ۲۲ بهمن - کوچه نسترن
۲۲۹	کنگاور	۱۴۰۳/۰۴/۲۵	۱۲:۰۰ تا ۱۴:۰۰	شهرک معلم - فاز ۲ - خیابان گلستان - کوچه لاله
۲۳۰	قصر شیرین	۱۴۰۳/۰۴/۲۵	۰۸:۰۰ تا ۱۰:۰۰	شهرک ظفر - نوکان - پشت باغ ابریشم
۲۳۱	اسلام آباد غرب	۱۴۰۳/۰۴/۲۵	۱۴:۰۰ تا ۱۶:۰۰	روستاهای بخش مرکزی - جاده اصلی - شهرک صنعتی
۲۳۲	پاوه	۱۴۰۳/۰۴/۲۵	۱۰:۰۰ تا ۱۲:۰۰	خیابان امام خمینی - کوچه شهید بهشتی - بلوار طاق بستان - روستاهای بخش مرکزی - جاده اصلی - شهرک صنعتی
۲۳۳	بیستون	۱۴۰۳/۰۴/۲۵	۱۶:۰۰ تا ۱۸:۰۰	کوی فرهنگیان - الهیه - بلوار جمهوری اسلامی
۲۳۴	روانسر	۱۴۰۳/۰۴/۲۵	۱۲:۰۰ تا ۱۴:۰۰	بلوار شهید کشوری - میدان آزادی - خیابان مدرس
ردیف	شهرستان	تاریخ	ساعت خاموشی	محدوده خاموشی
۲۳۵	ثلاث باباجانی	۱۴۰۳/۰۴/۲۵	۰۸:۰۰ تا ۱۰:۰۰	جعفرآباد - خیابان ۲۲ بهمن - کوچه نسترن
۲۳۶	صحنه	۱۴۰۳/۰۴/۲۵	۱۴:۰۰ تا ۱۶:۰۰	خیابان فردوسی - بازار - خیابان شریعتی - میدان ارشاد - جعفرآباد - خیابان ۲۲ بهمن - کوچه نسترن
۲۳۷	سرپل ذهاب	۱۴۰۳/۰۴/۲۵	۱۰:۰۰ تا ۱۲:۰۰	شهرک معلم - فاز ۲ - خیابان گلستان - کوچه لاله
۲۳۸	سنقر	۱۴۰۳/۰۴/۲۵	۱۶:۰۰ تا ۱۸:۰۰	شهرک ظفر - نوکان - پشت باغ ابریشم
۲۳۹	گیلانغرب	۱۴۰۳/۰۴/۲۵	۱۲:۰۰ تا ۱۴:۰۰	روستاهای بخش مرکزی - جاده اصلی - شهرک صنعتی
۲۴۰	کرمانشاه	۱۴۰۳/۰۴/۲۵	۰۸:۰۰ تا ۱۰:۰۰	خیابان امام خمینی - کوچه شهید بهشتی - بلوار طاق بستان - روستاهای بخش مرکزی - جاده اصلی - شهرک صنعتی
۲۴۱	جوانرود	۱۴۰۳/۰۴/۲۵	۱۴:۰۰ تا ۱۶:۰۰	کوی فرهنگیان - الهیه - بلوار جمهوری اسلامی
۲۴۲	سرپل	۱۴۰۳/۰۴/۲۵	۱۰:۰۰ تا ۱۲:۰۰	بلوار شهید کشوری - میدان آزادی - خیابان مدرس
۲۴۳	هرسین	۱۴۰۳/۰۴/۲۵	۱۶:۰۰ تا ۱۸:۰۰	جعفرآباد - خیابان ۲۲ بهمن - کوچه نسترن
۲۴۴	دالاهو	۱۴۰۳/۰۴/۲۵	۱۲:۰۰ تا ۱۴:۰۰	خیابان فردوسی - بازار - خیابان شریعتی - میدان ارشاد - جعفرآباد - خیابان ۲۲ بهمن - کوچه نسترن
۲۴۵	کنگاور	۱۴۰۳/۰۴/۲۵	۰۸:۰۰ تا ۱۰:۰۰	شهرک معلم - فاز ۲ - خیابان گلستان - کوچه لاله
۲۴۶	قصر شیرین	۱۴۰۳/۰۴/۲۵	۱۴:۰۰ تا ۱۶:۰۰	شهرک ظفر - نوکان - پشت باغ ابریشم
۲۴۷	اسلام آباد غرب	۱۴۰۳/۰۴/۲۵	۱۰:۰۰ تا ۱۲:۰۰	روستاهای بخش مرکزی - جاده اصلی - شهرک صنعتی
۲۴۸	پاوه	۱۴۰۳/۰۴/۲۵	۱۶:۰۰ تا ۱۸:۰۰	خیابان امام خمینی - کوچه شهید بهشتی - بلوار طاق بستان - روستاهای بخش مرکزی - جاده اصلی - شهرک صنعتی
۲۴۹	بیستون	۱۴۰۳/۰۴/۲۵	۱۲:۰۰ تا ۱۴:۰۰	کوی فرهنگیان - الهیه - بلوار جمهوری اسلامی
۲۵۰	روانسر	۱۴۰۳/۰۴/۲۵	۰۸:۰۰ تا ۱۰:۰۰	بلوار شهید کشوری - میدان آزادی - خیابان مدرس
۲۵۱	ثلاث باباجانی	۱۴۰۳/۰۴/۲۵	۱۴:۰۰ تا ۱۶:۰۰	جعفرآباد - خیابان ۲۲ بهمن - کوچه نسترن
۲۵۲	صحنه	۱۴۰۳/۰۴/۲۵	۱۰:۰۰ تا ۱۲:۰۰	خیابان فردوسی - بازار - خیابان شریعتی - میدان ارشاد - جعفرآباد - خیابان ۲۲ بهمن - کوچه نسترن
۲۵۳	سرپل ذهاب	۱۴۰۳/۰۴/۲۵	۱۶:۰۰ تا ۱۸:۰۰	شهرک معلم - فاز ۲ - خیابان گلستان - کوچه لاله
۲۵۴	سنقر	۱۴۰۳/۰۴/۲۵	۱۲:۰۰ تا ۱۴:۰۰	شهرک ظفر - نوکان - پشت باغ ابریشم
۲۵۵	گیلانغرب	۱۴۰۳/۰۴/۲۵	۰۸:۰۰ تا ۱۰:۰۰	روستاهای بخش مرکزی - جاده اصلی - شهرک صنعتی
۲۵۶	کرمانشاه	۱۴۰۳/۰۴/۲۵	۱۴:۰۰ تا ۱۶:۰۰	خیابان امام خمینی - کوچه شهید بهشتی - بلوار طاق بستان - روستاهای بخش مرکزی - جاده اصلی - شهرک صنعتی
۲۵۷	جوانرود	۱۴۰۳/۰۴/۲۵	۱۰:۰۰ تا ۱۲:۰۰	کوی فرهنگیان - الهیه - بلوار جمهوری اسلامی
۲۵۸	سرپل	۱۴۰۳/۰۴/۲۵	۱۶:۰۰ تا ۱۸:۰۰	بلوار شهید کشوری - میدان آزادی - خیابان مدرس
۲۵۹	هرسین	۱۴۰۳/۰۴/۲۵	۱۲:۰۰ تا ۱۴:۰۰	جعفرآباد - خیابان ۲۲ بهمن - کوچه نسترن
۲۶۰	دالاهو	۱۴۰۳/۰۴/۲۵	۰۸:۰۰ تا ۱۰:۰۰	خیابان فردوسی - بازار - خیابان شریعتی - میدان ارشاد - جعفرآباد - خیابان ۲۲ بهمن - کوچه نسترن
۲۶۱	کنگاور	۱۴۰۳/۰۴/۲۵	۱۴:۰۰ تا ۱۶:۰۰	شهرک معلم - فاز ۲ - خیابان گلستان - کوچه لاله
۲۶۲	قصر شیرین	۱۴۰۳/۰۴/۲۵	۱۰:۰۰ تا ۱۲:۰۰	شهرک ظفر - نوکان - پشت باغ ابریشم
۲۶۳	اسلام آباد غرب	۱۴۰۳/۰۴/۲۵	۱۶:۰۰ تا ۱۸:۰۰	روستاهای بخش مرکزی - جاده اصلی - شهرک صنعتی
۲۶۴	پاوه	۱۴۰۳/۰۴/۲۵	۱۲:۰۰ تا ۱۴:۰۰	خیابان امام خمینی - کوچه شهید بهشتی - بلوار طاق بستان - روستاهای بخش مرکزی - جاده اصلی - شهرک صنعتی
۲۶۵	بیستون	۱۴۰۳/۰۴/۲۵	۰۸:۰۰ تا ۱۰:۰۰	کوی فرهنگیان - الهیه - بلوار جمهوری اسلامی
۲۶۶	روانسر	۱۴۰۳/۰۴/۲۵	۱۴:۰۰ تا ۱۶:۰۰	بلوار شهید کشوری - میدان آزادی - خیابان مدرس
۲۶۷	ثلاث باباجانی	۱۴۰۳/۰۴/۲۵	۱۰:۰۰ تا ۱۲:۰۰	جعفرآباد - خیابان ۲۲ بهمن - کوچه نسترن
۲۶۸	صحنه	۱۴۰۳/۰۴/۲۵	۱۶:۰۰ تا ۱۸:۰۰	خیابان فردوسی - بازار - خیابان شریعتی - میدان ارشاد - جعفرآباد - خیابان ۲۲ بهمن - کوچه نسترن
۲۶۹	سرپل ذهاب	۱۴۰۳/۰۴/۲۵	۱۲:۰۰ تا ۱۴:۰۰	شهرک معلم - فاز ۲ - خیابان گلستان - کوچه لاله
۲۷۰	سنقر	۱۴۰۳/۰۴/۲۵	۰۸:۰۰ تا ۱۰:۰۰	شهرک ظفر - نوکان - پشت باغ ابریشم
۲۷۱	گیلانغرب	۱۴۰۳/۰۴/۲۵	۱۴:۰۰ تا ۱۶:۰۰	روستاهای بخش مرکزی - جاده اصلی - شهرک صنعتی
۲۷۲	کرمانشاه	۱۴۰۳/۰۴/۲۵	۱۰:۰۰ تا ۱۲:۰۰	خیابان امام خمینی - کوچه شهید بهشتی - بلوار طاق بستان - روستاهای بخش مرکزی - جاده اصلی - شهرک صنعتی
۲۷۳	جوانرود	۱۴۰۳/۰۴/۲۵	۱۶:۰۰ تا ۱۸:۰۰	کوی فرهنگیان - الهیه - بلوار جمهوری اسلامی
۲۷۴	سرپل	۱۴۰۳/۰۴/۲۵	۱۲:۰۰ تا ۱۴:۰۰	بلوار شهید کشوری - میدان آزادی - خیابان مدرس
۲۷۵	هرسین	۱۴۰۳/۰۴/۲۵	۰۸:۰۰ تا ۱۰:۰۰	جعفرآباد - خیابان ۲۲ بهمن - کوچه نسترن
۲۷۶	دالاهو	۱۴۰۳/۰۴/۲۵	۱۴:۰۰ تا ۱۶:۰۰	خیابان فردوسی - بازار - خیابان شریعتی - میدان ارشاد - جعفرآباد - خیابان ۲۲ بهمن - کوچه نسترن
۲۷۷	کنگاور	۱۴۰۳/۰۴/۲۵	۱۰:۰۰ تا ۱۲:۰۰	شهرک معلم - فاز ۲ - خیابان گلستان - کوچه لاله
۲۷۸	قصر شیرین	۱۴۰۳/۰۴/۲۵	۱۶:۰۰ تا ۱۸:۰۰	شهرک ظفر - نوکان - پشت باغ ابریشم
